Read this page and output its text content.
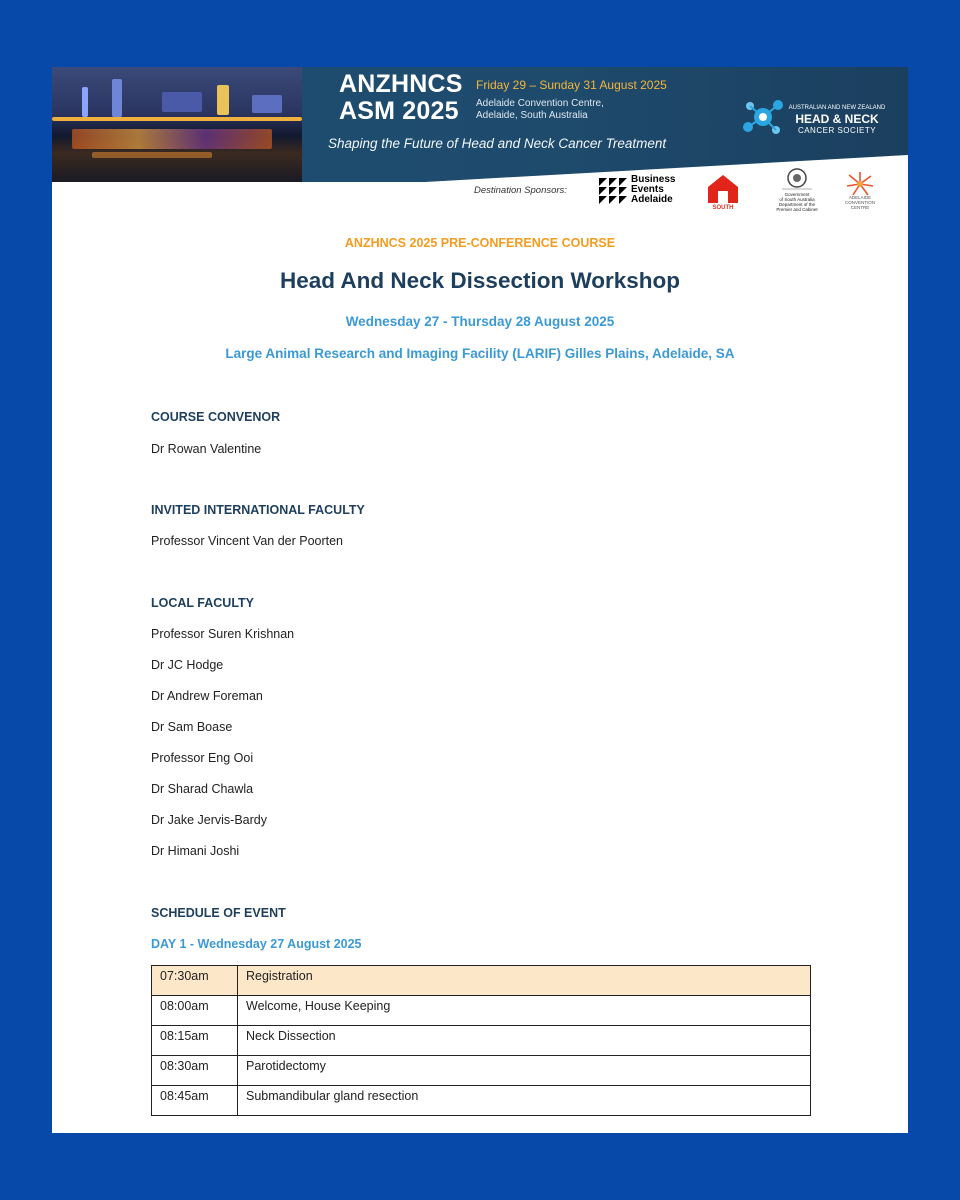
ANZHNCS
ASM 2025
Friday 29 – Sunday 31 August 2025
Adelaide Convention Centre,
Adelaide, South Australia
Shaping the Future of Head and Neck Cancer Treatment
AUSTRALIAN AND NEW ZEALAND
HEAD & NECK
CANCER SOCIETY
Destination Sponsors:
Business
Events
Adelaide
SOUTH
Government
of South Australia
Department of the
Premier and Cabinet
ADELAIDE
CONVENTION
CENTRE
ANZHNCS 2025 PRE-CONFERENCE COURSE
Head And Neck Dissection Workshop
Wednesday 27 - Thursday 28 August 2025
Large Animal Research and Imaging Facility (LARIF) Gilles Plains, Adelaide, SA
COURSE CONVENOR
Dr Rowan Valentine
INVITED INTERNATIONAL FACULTY
Professor Vincent Van der Poorten
LOCAL FACULTY
Professor Suren Krishnan
Dr JC Hodge
Dr Andrew Foreman
Dr Sam Boase
Professor Eng Ooi
Dr Sharad Chawla
Dr Jake Jervis-Bardy
Dr Himani Joshi
SCHEDULE OF EVENT
DAY 1 - Wednesday 27 August 2025
07:30am	Registration
08:00am	Welcome, House Keeping
08:15am	Neck Dissection
08:30am	Parotidectomy
08:45am	Submandibular gland resection
